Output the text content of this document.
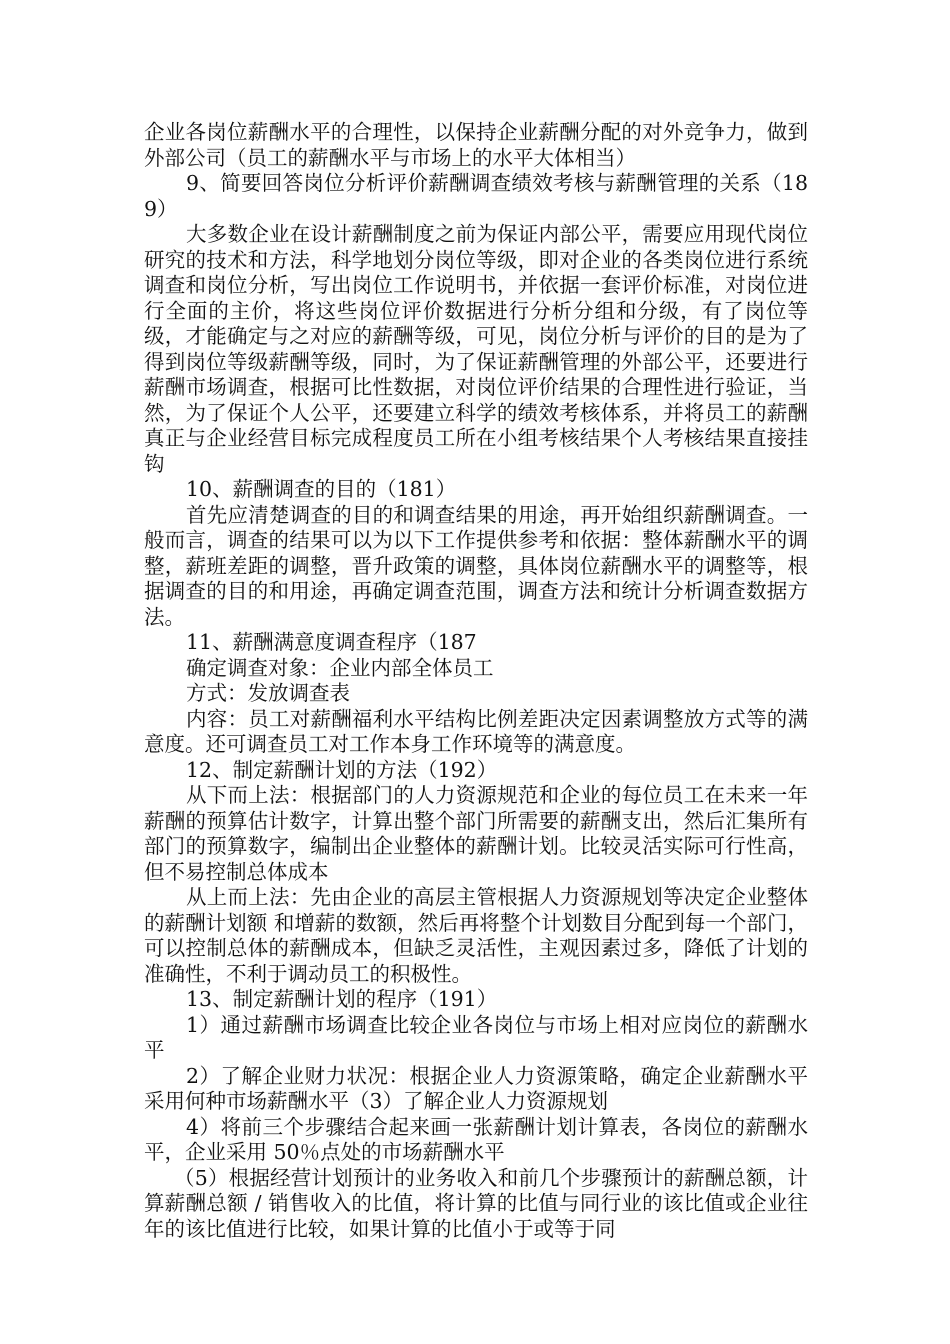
企业各岗位薪酬水平的合理性，以保持企业薪酬分配的对外竞争力，做到外部公司（员工的薪酬水平与市场上的水平大体相当）

9、简要回答岗位分析评价薪酬调查绩效考核与薪酬管理的关系（189）

大多数企业在设计薪酬制度之前为保证内部公平，需要应用现代岗位研究的技术和方法，科学地划分岗位等级，即对企业的各类岗位进行系统调查和岗位分析，写出岗位工作说明书，并依据一套评价标准，对岗位进行全面的主价，将这些岗位评价数据进行分析分组和分级，有了岗位等级，才能确定与之对应的薪酬等级，可见，岗位分析与评价的目的是为了得到岗位等级薪酬等级，同时，为了保证薪酬管理的外部公平，还要进行薪酬市场调查，根据可比性数据，对岗位评价结果的合理性进行验证，当然，为了保证个人公平，还要建立科学的绩效考核体系，并将员工的薪酬真正与企业经营目标完成程度员工所在小组考核结果个人考核结果直接挂钩

10、薪酬调查的目的（181）

首先应清楚调查的目的和调查结果的用途，再开始组织薪酬调查。一般而言，调查的结果可以为以下工作提供参考和依据：整体薪酬水平的调整，薪班差距的调整，晋升政策的调整，具体岗位薪酬水平的调整等，根据调查的目的和用途，再确定调查范围，调查方法和统计分析调查数据方法。

11、薪酬满意度调查程序（187

确定调查对象：企业内部全体员工

方式：发放调查表

内容：员工对薪酬福利水平结构比例差距决定因素调整放方式等的满意度。还可调查员工对工作本身工作环境等的满意度。

12、制定薪酬计划的方法（192）

从下而上法：根据部门的人力资源规范和企业的每位员工在未来一年薪酬的预算估计数字，计算出整个部门所需要的薪酬支出，然后汇集所有部门的预算数字，编制出企业整体的薪酬计划。比较灵活实际可行性高，但不易控制总体成本

从上而上法：先由企业的高层主管根据人力资源规划等决定企业整体的薪酬计划额 和增薪的数额，然后再将整个计划数目分配到每一个部门，可以控制总体的薪酬成本，但缺乏灵活性，主观因素过多，降低了计划的准确性，不利于调动员工的积极性。

13、制定薪酬计划的程序（191）

1）通过薪酬市场调查比较企业各岗位与市场上相对应岗位的薪酬水平

2）了解企业财力状况：根据企业人力资源策略，确定企业薪酬水平采用何种市场薪酬水平（3）了解企业人力资源规划

4）将前三个步骤结合起来画一张薪酬计划计算表，各岗位的薪酬水平，企业采用 50％点处的市场薪酬水平

（5）根据经营计划预计的业务收入和前几个步骤预计的薪酬总额，计算薪酬总额 / 销售收入的比值，将计算的比值与同行业的该比值或企业往年的该比值进行比较，如果计算的比值小于或等于同
